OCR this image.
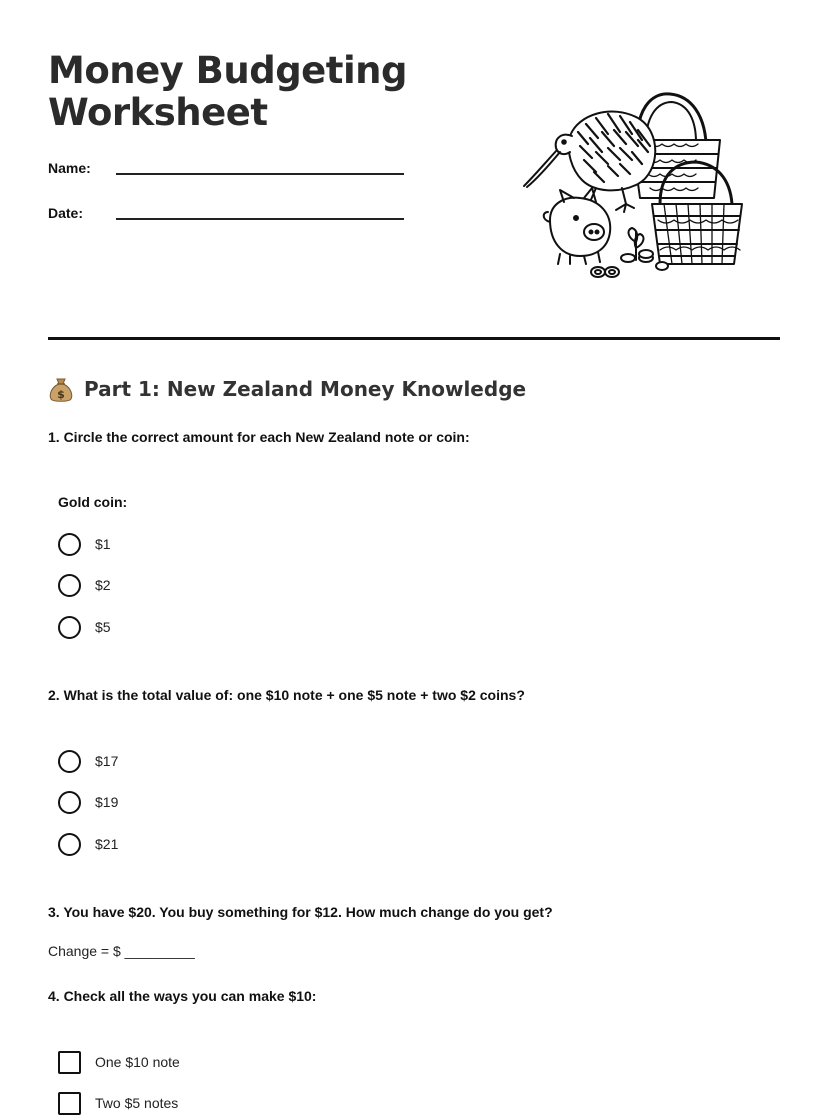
Money Budgeting Worksheet
Name:
Date:
$ Part 1: New Zealand Money Knowledge
1. Circle the correct amount for each New Zealand note or coin:
Gold coin:
$1
$2
$5
2. What is the total value of: one $10 note + one $5 note + two $2 coins?
$17
$19
$21
3. You have $20. You buy something for $12. How much change do you get?
Change = $ _________
4. Check all the ways you can make $10:
One $10 note
Two $5 notes
